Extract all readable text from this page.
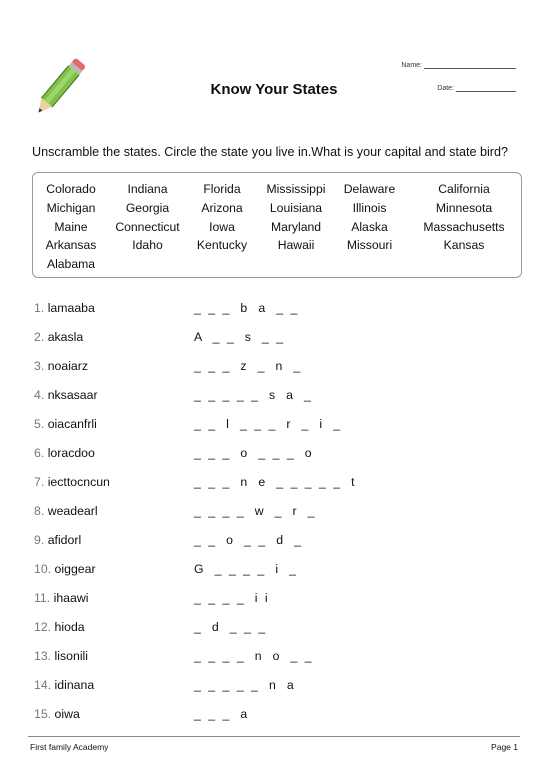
Know Your States
Name:
Date:
Unscramble the states. Circle the state you live in.What is your capital and state bird?
Colorado	Indiana	Florida	Mississippi	Delaware	California
Michigan	Georgia	Arizona	Louisiana	Illinois	Minnesota
Maine	Connecticut	Iowa	Maryland	Alaska	Massachusetts
Arkansas	Idaho	Kentucky	Hawaii	Missouri	Kansas
Alabama
1. lamaaba	_  _  _   b   a   _  _
2. akasla	A   _  _   s   _  _
3. noaiarz	_  _  _   z   _   n   _
4. nksasaar	_  _  _  _  _   s   a   _
5. oiacanfrli	_  _   l   _  _  _   r   _   i   _
6. loracdoo	_  _  _   o   _  _  _   o
7. iecttocncun	_  _  _   n   e   _  _  _  _  _   t
8. weadearl	_  _  _  _   w   _   r   _
9. afidorl	_  _   o   _  _   d   _
10. oiggear	G   _  _  _  _   i   _
11. ihaawi	_  _  _  _   i  i
12. hioda	_   d   _  _  _
13. lisonili	_  _  _  _   n   o   _  _
14. idinana	_  _  _  _  _   n   a
15. oiwa	_  _  _   a
First family Academy	Page 1
